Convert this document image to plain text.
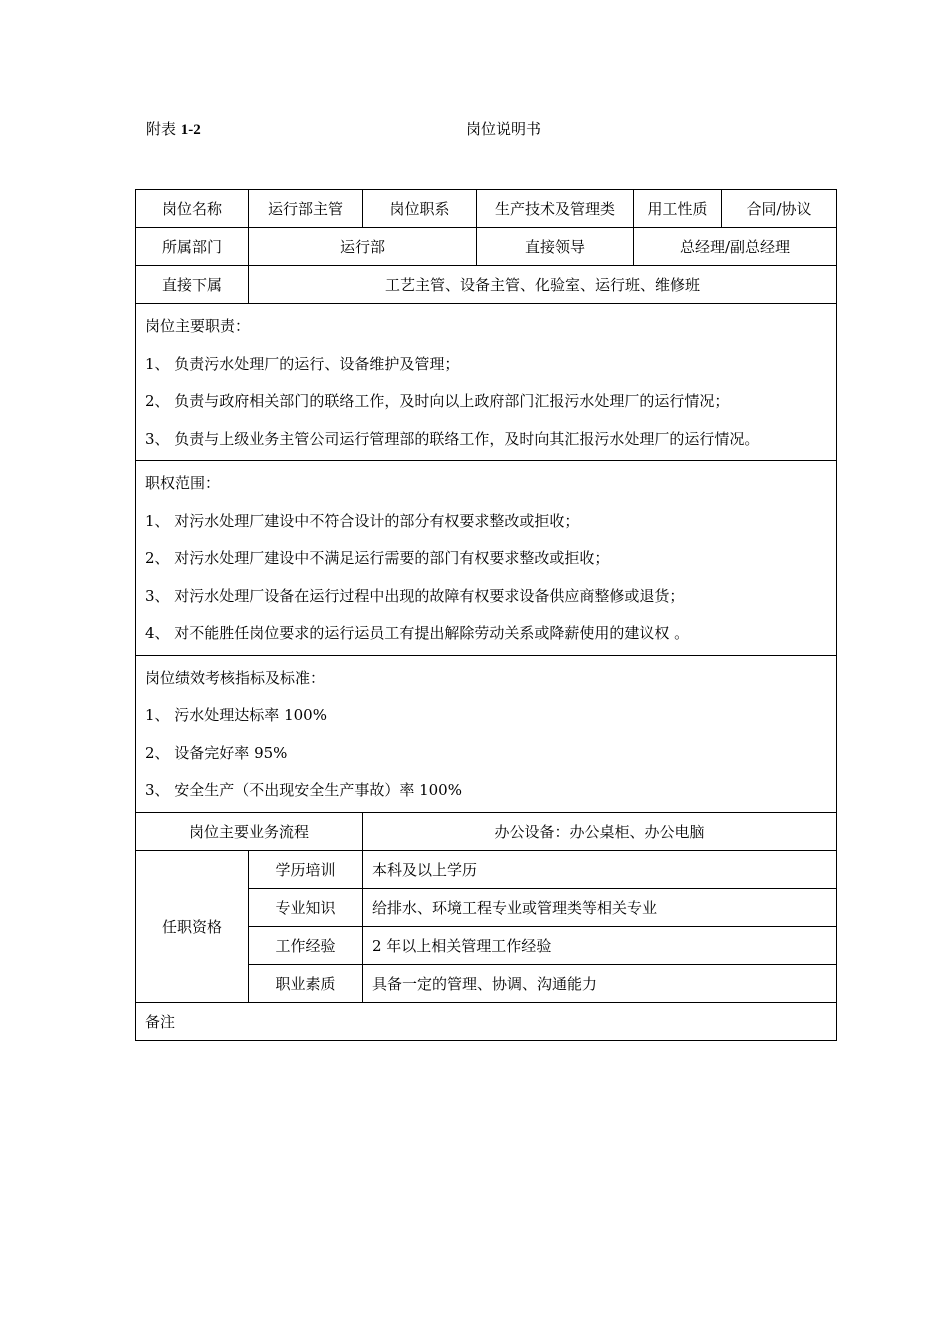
附表 1-2	岗位说明书
岗位名称	运行部主管	岗位职系	生产技术及管理类	用工性质	合同/协议
所属部门	运行部		直接领导	总经理/副总经理	
直接下属	工艺主管、设备主管、化验室、运行班、维修班				

岗位主要职责：
1、 负责污水处理厂的运行、设备维护及管理；
2、 负责与政府相关部门的联络工作，及时向以上政府部门汇报污水处理厂的运行情况；
3、 负责与上级业务主管公司运行管理部的联络工作，及时向其汇报污水处理厂的运行情况。					

职权范围：
1、 对污水处理厂建设中不符合设计的部分有权要求整改或拒收；
2、 对污水处理厂建设中不满足运行需要的部门有权要求整改或拒收；
3、 对污水处理厂设备在运行过程中出现的故障有权要求设备供应商整修或退货；
4、 对不能胜任岗位要求的运行运员工有提出解除劳动关系或降薪使用的建议权 。					

岗位绩效考核指标及标准：
1、 污水处理达标率 100%
2、 设备完好率 95%
3、 安全生产（不出现安全生产事故）率 100%					

岗位主要业务流程		办公设备：办公桌柜、办公电脑			
任职资格	学历培训	本科及以上学历			
	专业知识	给排水、环境工程专业或管理类等相关专业			
	工作经验	2 年以上相关管理工作经验			
	职业素质	具备一定的管理、协调、沟通能力			
备注					
